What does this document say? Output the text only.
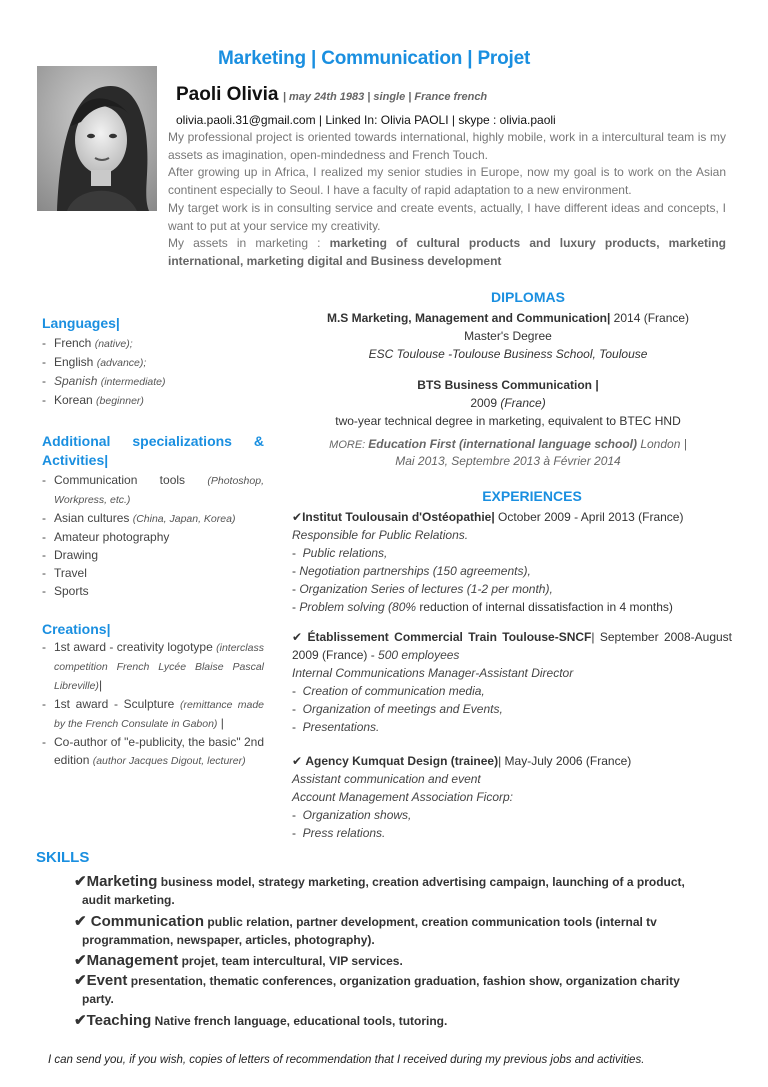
Marketing | Communication | Projet
Paoli Olivia | may 24th 1983 | single | France french
olivia.paoli.31@gmail.com | Linked In: Olivia PAOLI | skype : olivia.paoli

My professional project is oriented towards international, highly mobile, work in a intercultural team is my assets as imagination, open-mindedness and French Touch.

After growing up in Africa, I realized my senior studies in Europe, now my goal is to work on the Asian continent especially to Seoul. I have a faculty of rapid adaptation to a new environment.

My target work is in consulting service and create events, actually, I have different ideas and concepts, I want to put at your service my creativity.

My assets in marketing : marketing of cultural products and luxury products, marketing international, marketing digital and Business development

Languages|
- French (native);
- English (advance);
- Spanish (intermediate)
- Korean (beginner)
Additional specializations & Activities|
- Communication tools (Photoshop, Workpress, etc.)
- Asian cultures (China, Japan, Korea)
- Amateur photography
- Drawing
- Travel
- Sports
Creations|
- 1st award - creativity logotype (interclass competition French Lycée Blaise Pascal Libreville)|
- 1st award - Sculpture (remittance made by the French Consulate in Gabon) |
- Co-author of "e-publicity, the basic" 2nd edition (author Jacques Digout, lecturer)
DIPLOMAS
M.S Marketing, Management and Communication| 2014 (France)
Master's Degree
ESC Toulouse -Toulouse Business School, Toulouse
BTS Business Communication |
2009 (France)
two-year technical degree in marketing, equivalent to BTEC HND
MORE: Education First (international language school) London |
Mai 2013, Septembre 2013 à Février 2014
EXPERIENCES
✔Institut Toulousain d'Ostéopathie| October 2009 - April 2013 (France)
Responsible for Public Relations.
-  Public relations,
- Negotiation partnerships (150 agreements),
- Organization Series of lectures (1-2 per month),
- Problem solving (80% reduction of internal dissatisfaction in 4 months)
✔ Établissement Commercial Train Toulouse-SNCF| September 2008-August 2009 (France) - 500 employees
Internal Communications Manager-Assistant Director
-  Creation of communication media,
-  Organization of meetings and Events,
-  Presentations.
✔ Agency Kumquat Design (trainee)| May-July 2006 (France)
Assistant communication and event
Account Management Association Ficorp:
-  Organization shows,
-  Press relations.
SKILLS
✔Marketing business model, strategy marketing, creation advertising campaign, launching of a product,
audit marketing.
✔ Communication public relation, partner development, creation communication tools (internal tv
programmation, newspaper, articles, photography).
✔Management projet, team intercultural, VIP services.
✔Event presentation, thematic conferences, organization graduation, fashion show, organization charity
party.
✔Teaching Native french language, educational tools, tutoring.
I can send you, if you wish, copies of letters of recommendation that I received during my previous jobs and activities.
